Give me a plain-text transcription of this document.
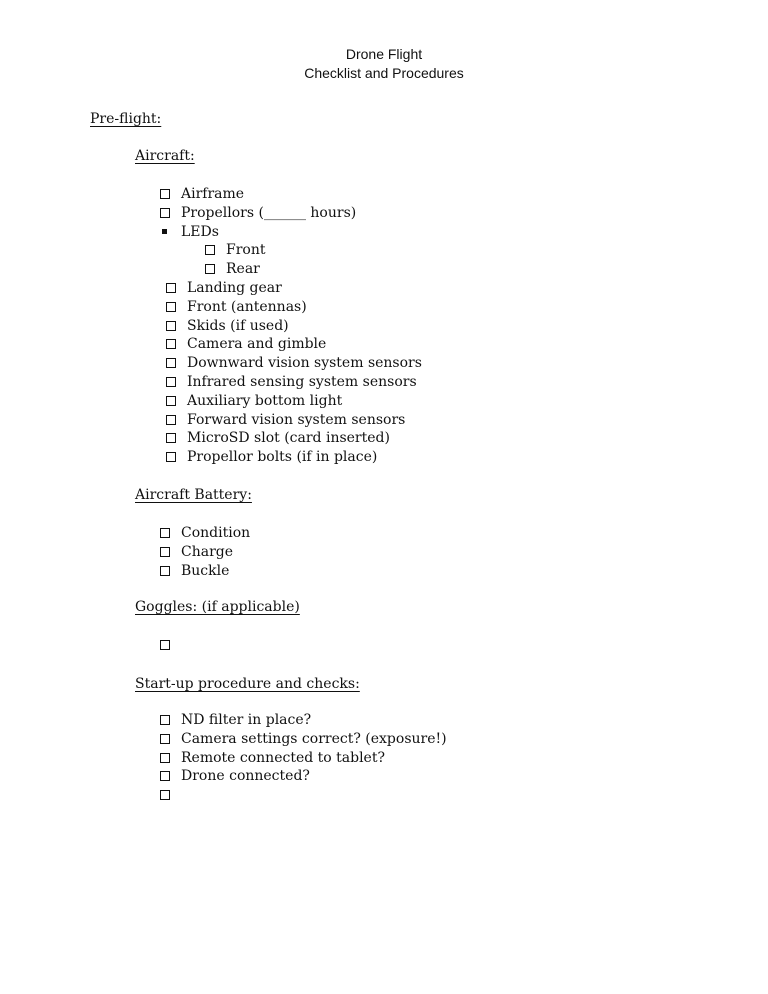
Drone Flight
Checklist and Procedures
Pre-flight:
Aircraft:
Airframe
Propellors (______ hours)
LEDs
Front
Rear
Landing gear
Front (antennas)
Skids (if used)
Camera and gimble
Downward vision system sensors
Infrared sensing system sensors
Auxiliary bottom light
Forward vision system sensors
MicroSD slot (card inserted)
Propellor bolts (if in place)
Aircraft Battery:
Condition
Charge
Buckle
Goggles: (if applicable)
Start-up procedure and checks:
ND filter in place?
Camera settings correct? (exposure!)
Remote connected to tablet?
Drone connected?
